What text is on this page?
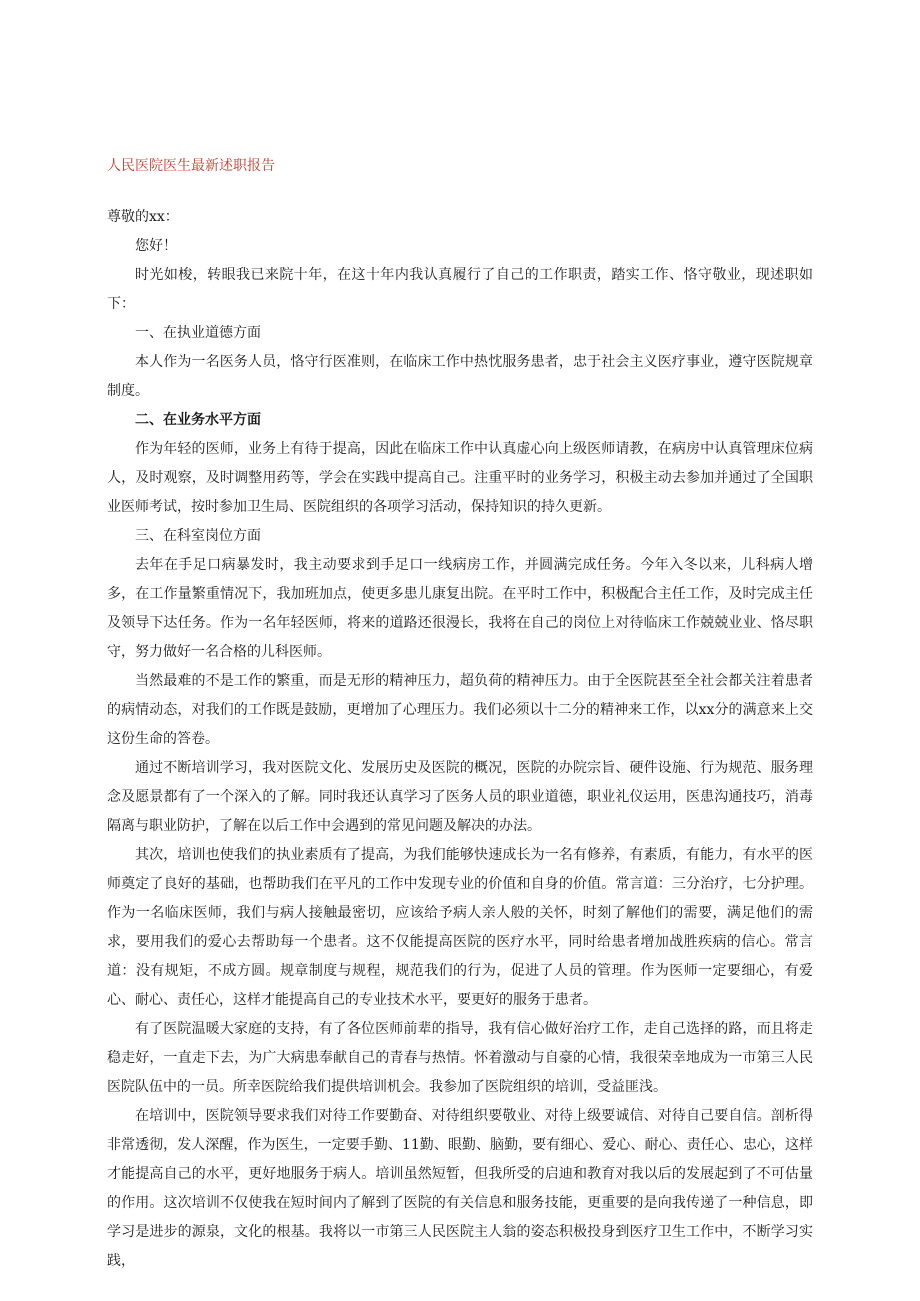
人民医院医生最新述职报告

尊敬的xx：

您好！

时光如梭，转眼我已来院十年，在这十年内我认真履行了自己的工作职责，踏实工作、恪守敬业，现述职如下：

一、在执业道德方面

本人作为一名医务人员，恪守行医准则，在临床工作中热忱服务患者，忠于社会主义医疗事业，遵守医院规章制度。

二、在业务水平方面

作为年轻的医师，业务上有待于提高，因此在临床工作中认真虚心向上级医师请教，在病房中认真管理床位病人，及时观察，及时调整用药等，学会在实践中提高自己。注重平时的业务学习，积极主动去参加并通过了全国职业医师考试，按时参加卫生局、医院组织的各项学习活动，保持知识的持久更新。

三、在科室岗位方面

去年在手足口病暴发时，我主动要求到手足口一线病房工作，并圆满完成任务。今年入冬以来，儿科病人增多，在工作量繁重情况下，我加班加点，使更多患儿康复出院。在平时工作中，积极配合主任工作，及时完成主任及领导下达任务。作为一名年轻医师，将来的道路还很漫长，我将在自己的岗位上对待临床工作兢兢业业、恪尽职守，努力做好一名合格的儿科医师。

当然最难的不是工作的繁重，而是无形的精神压力，超负荷的精神压力。由于全医院甚至全社会都关注着患者的病情动态，对我们的工作既是鼓励，更增加了心理压力。我们必须以十二分的精神来工作，以xx分的满意来上交这份生命的答卷。

通过不断培训学习，我对医院文化、发展历史及医院的概况，医院的办院宗旨、硬件设施、行为规范、服务理念及愿景都有了一个深入的了解。同时我还认真学习了医务人员的职业道德，职业礼仪运用，医患沟通技巧，消毒隔离与职业防护，了解在以后工作中会遇到的常见问题及解决的办法。

其次，培训也使我们的执业素质有了提高，为我们能够快速成长为一名有修养，有素质，有能力，有水平的医师奠定了良好的基础，也帮助我们在平凡的工作中发现专业的价值和自身的价值。常言道：三分治疗，七分护理。作为一名临床医师，我们与病人接触最密切，应该给予病人亲人般的关怀，时刻了解他们的需要，满足他们的需求，要用我们的爱心去帮助每一个患者。这不仅能提高医院的医疗水平，同时给患者增加战胜疾病的信心。常言道：没有规矩，不成方圆。规章制度与规程，规范我们的行为，促进了人员的管理。作为医师一定要细心，有爱心、耐心、责任心，这样才能提高自己的专业技术水平，要更好的服务于患者。

有了医院温暖大家庭的支持，有了各位医师前辈的指导，我有信心做好治疗工作，走自己选择的路，而且将走稳走好，一直走下去，为广大病患奉献自己的青春与热情。怀着激动与自豪的心情，我很荣幸地成为一市第三人民医院队伍中的一员。所幸医院给我们提供培训机会。我参加了医院组织的培训，受益匪浅。

在培训中，医院领导要求我们对待工作要勤奋、对待组织要敬业、对待上级要诚信、对待自己要自信。剖析得非常透彻，发人深醒，作为医生，一定要手勤、11勤、眼勤、脑勤，要有细心、爱心、耐心、责任心、忠心，这样才能提高自己的水平，更好地服务于病人。培训虽然短暂，但我所受的启迪和教育对我以后的发展起到了不可估量的作用。这次培训不仅使我在短时间内了解到了医院的有关信息和服务技能，更重要的是向我传递了一种信息，即学习是进步的源泉，文化的根基。我将以一市第三人民医院主人翁的姿态积极投身到医疗卫生工作中，不断学习实践，
